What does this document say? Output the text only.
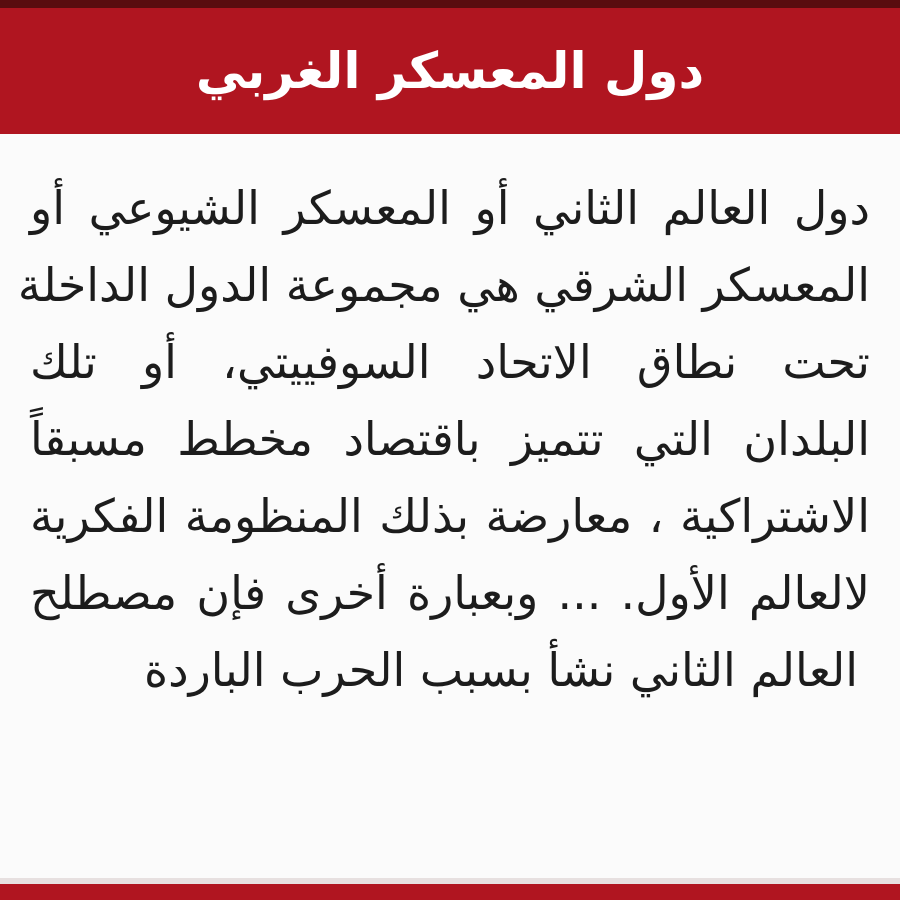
دول المعسكر الغربي
دول العالم الثاني أو المعسكر الشيوعي أو
المعسكر الشرقي هي مجموعة الدول الداخلة
تحت نطاق الاتحاد السوفييتي، أو تلك
البلدان التي تتميز باقتصاد مخطط مسبقاً
الاشتراكية ، معارضة بذلك المنظومة الفكرية
لالعالم الأول. ... وبعبارة أخرى فإن مصطلح
العالم الثاني نشأ بسبب الحرب الباردة
